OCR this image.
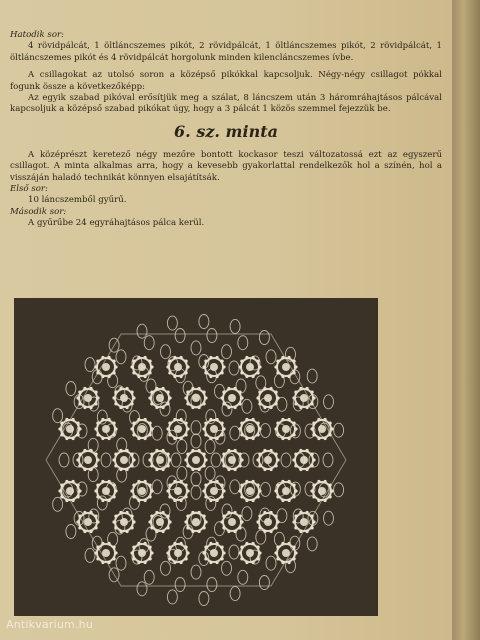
Hatodik sor:

4 rövidpálcát, 1 öltláncszemes pikót, 2 rövidpálcát, 1 öltláncszemes pikót, 2 rövidpálcát, 1 öltláncszemes pikót és 4 rövidpálcát horgolunk minden kilencláncszemes ívbe.

A csillagokat az utolsó soron a középső pikókkal kapcsoljuk. Négy-négy csillagot pókkal fogunk össze a következőképp:

Az egyik szabad pikóval erősítjük meg a szálat, 8 láncszem után 3 háromráhajtásos pálcával kapcsoljuk a középső szabad pikókat úgy, hogy a 3 pálcát 1 közös szemmel fejezzük be.

6. sz. minta

A középrészt keretező négy mezőre bontott kockasor teszi változatossá ezt az egyszerű csillagot. A minta alkalmas arra, hogy a kevesebb gyakorlattal rendelkezők hol a színén, hol a visszáján haladó technikát könnyen elsajátítsák.

Első sor:

10 láncszemből gyűrű.

Második sor:

A gyűrűbe 24 egyráhajtásos pálca kerül.

Antikvarium.hu
